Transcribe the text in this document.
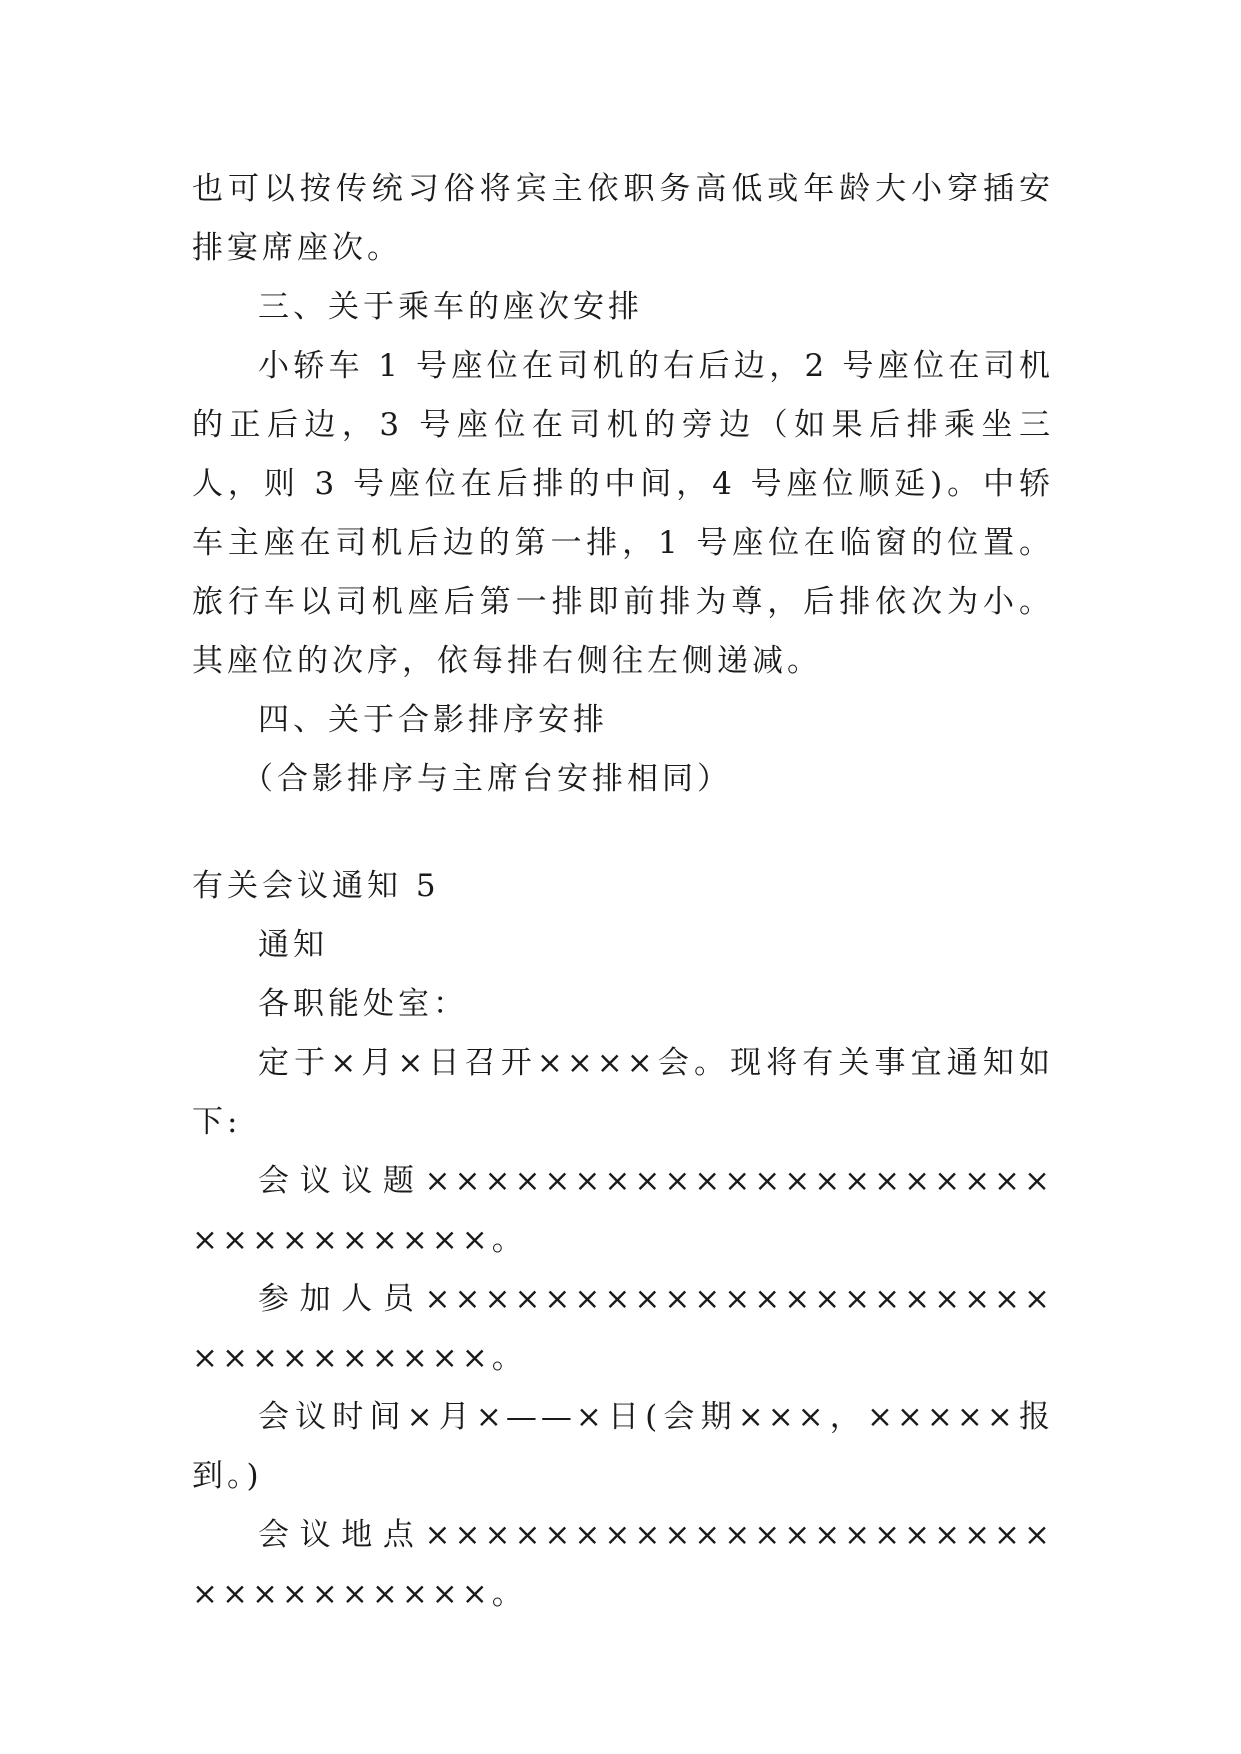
也可以按传统习俗将宾主依职务高低或年龄大小穿插安排宴席座次。

三、关于乘车的座次安排

小轿车 1 号座位在司机的右后边，2 号座位在司机的正后边，3 号座位在司机的旁边（如果后排乘坐三人，则 3 号座位在后排的中间，4 号座位顺延)。中轿车主座在司机后边的第一排，1 号座位在临窗的位置。旅行车以司机座后第一排即前排为尊，后排依次为小。其座位的次序，依每排右侧往左侧递减。

四、关于合影排序安排

（合影排序与主席台安排相同）

有关会议通知 5

通知

各职能处室：

定于×月×日召开××××会。现将有关事宜通知如下:

会议议题×××××××××××××××××××××××××××××××。

参加人员×××××××××××××××××××××××××××××××。

会议时间×月×——×日(会期×××，×××××报到。)

会议地点×××××××××××××××××××××××××××××××。
